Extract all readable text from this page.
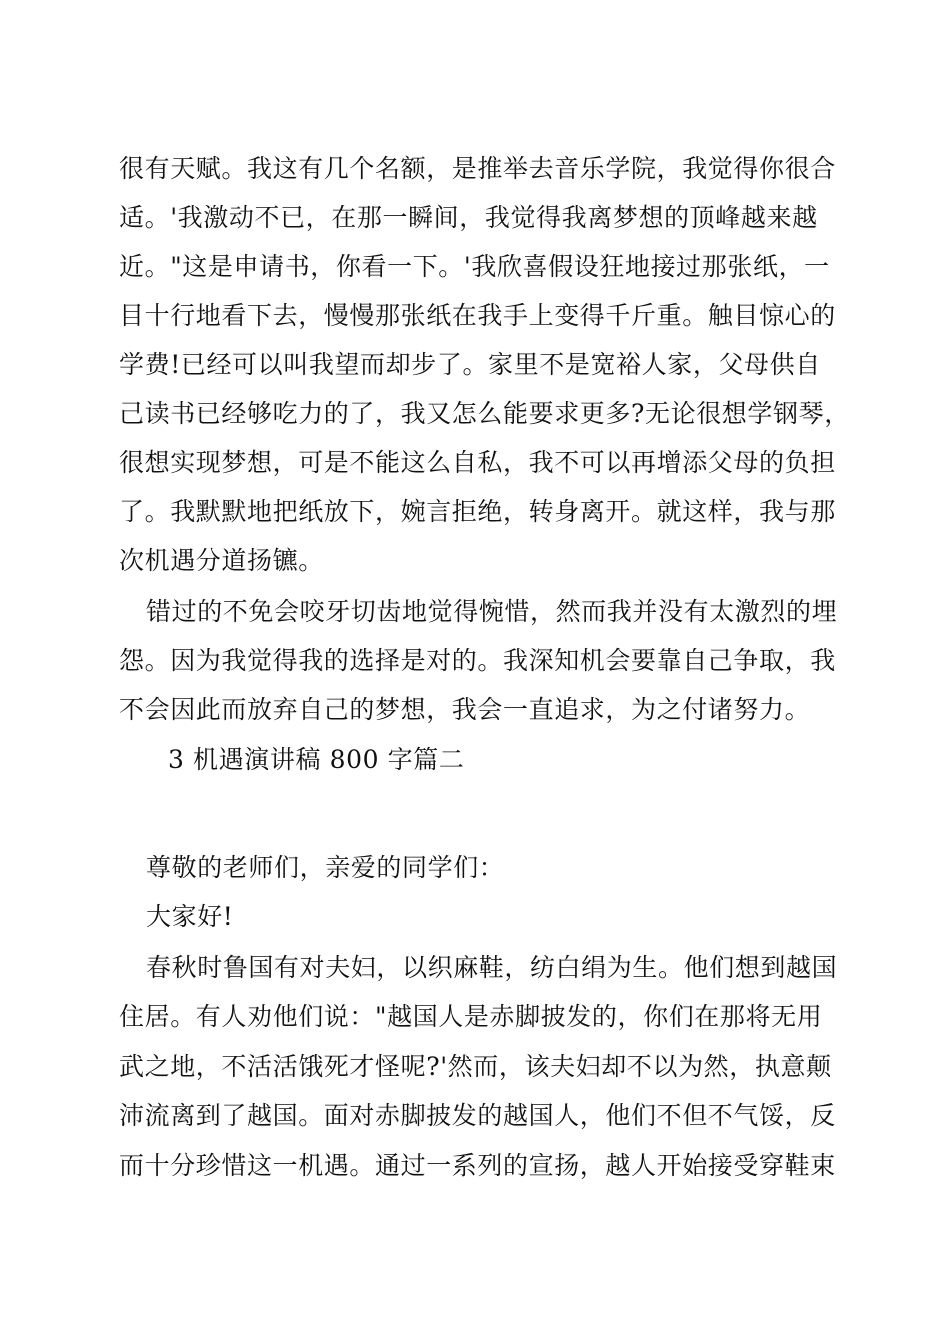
很有天赋。我这有几个名额，是推举去音乐学院，我觉得你很合
适。'我激动不已，在那一瞬间，我觉得我离梦想的顶峰越来越
近。"这是申请书，你看一下。'我欣喜假设狂地接过那张纸，一
目十行地看下去，慢慢那张纸在我手上变得千斤重。触目惊心的
学费!已经可以叫我望而却步了。家里不是宽裕人家，父母供自
己读书已经够吃力的了，我又怎么能要求更多?无论很想学钢琴，
很想实现梦想，可是不能这么自私，我不可以再增添父母的负担
了。我默默地把纸放下，婉言拒绝，转身离开。就这样，我与那
次机遇分道扬镳。
错过的不免会咬牙切齿地觉得惋惜，然而我并没有太激烈的埋
怨。因为我觉得我的选择是对的。我深知机会要靠自己争取，我
不会因此而放弃自己的梦想，我会一直追求，为之付诸努力。
3 机遇演讲稿 800 字篇二
尊敬的老师们，亲爱的同学们：
大家好!
春秋时鲁国有对夫妇，以织麻鞋，纺白绢为生。他们想到越国
住居。有人劝他们说："越国人是赤脚披发的，你们在那将无用
武之地，不活活饿死才怪呢?'然而，该夫妇却不以为然，执意颠
沛流离到了越国。面对赤脚披发的越国人，他们不但不气馁，反
而十分珍惜这一机遇。通过一系列的宣扬，越人开始接受穿鞋束
